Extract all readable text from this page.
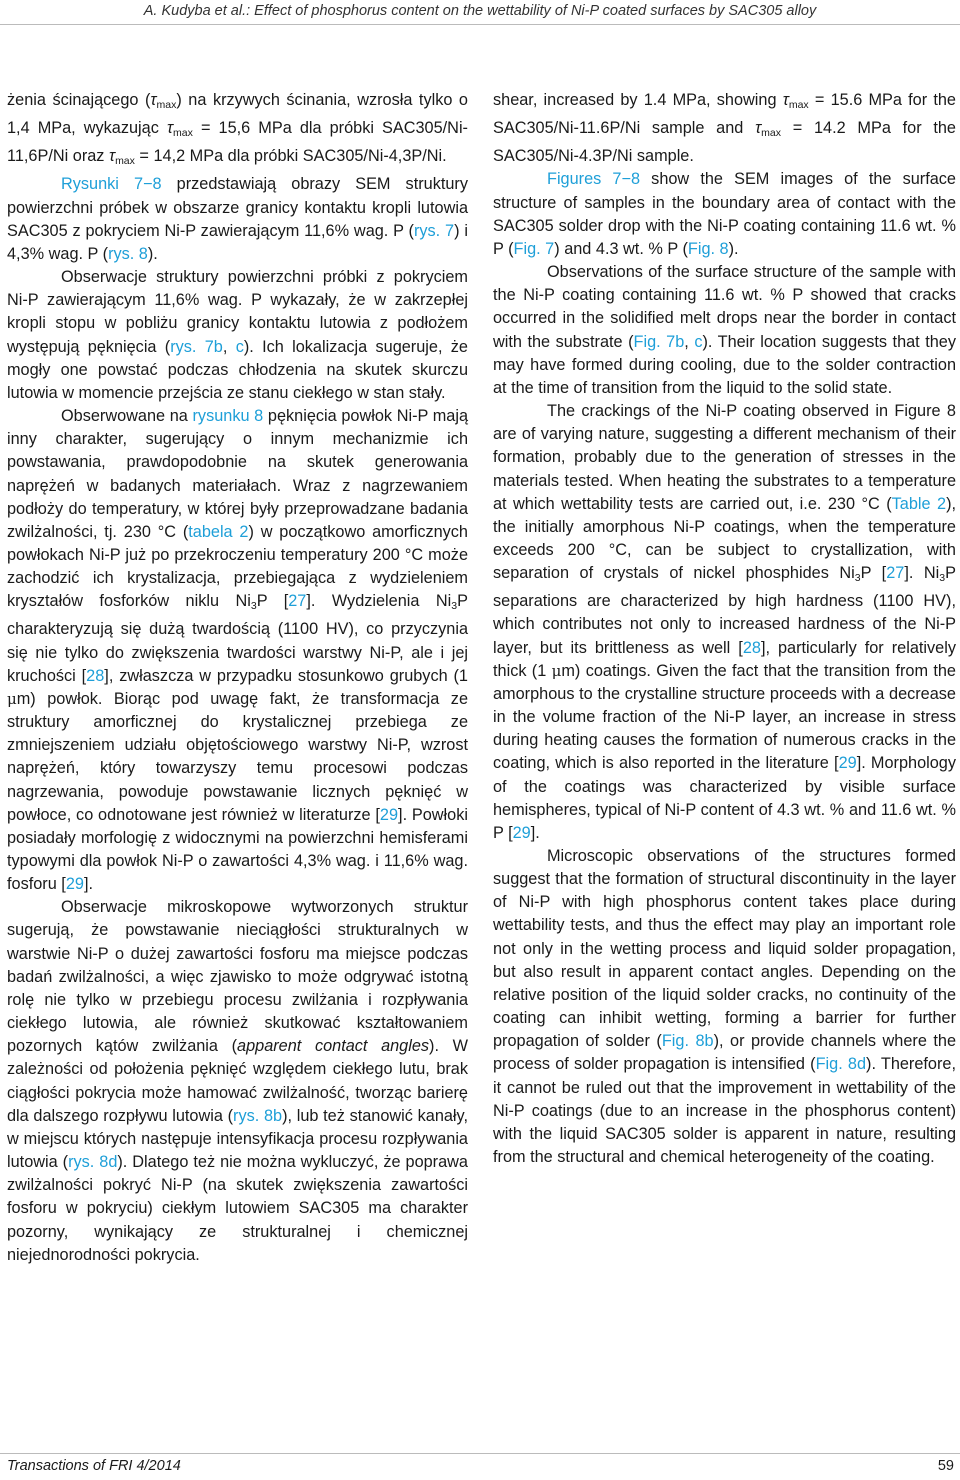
A. Kudyba et al.: Effect of phosphorus content on the wettability of Ni-P coated surfaces by SAC305 alloy

żenia ścinającego $(\tau_{max})$ na krzywych ścinania, wzrosła tylko o 1,4 MPa, wykazując $\tau_{max} = 15,6$ MPa dla próbki SAC305/Ni-11,6P/Ni oraz $\tau_{max} = 14,2$ MPa dla próbki SAC305/Ni-4,3P/Ni.

Rysunki 7−8 przedstawiają obrazy SEM struktury powierzchni próbek w obszarze granicy kontaktu kropli lutowia SAC305 z pokryciem Ni-P zawierającym 11,6% wag. P (rys. 7) i 4,3% wag. P (rys. 8).

Obserwacje struktury powierzchni próbki z pokryciem Ni-P zawierającym 11,6% wag. P wykazały, że w zakrzepłej kropli stopu w pobliżu granicy kontaktu lutowia z podłożem występują pęknięcia (rys. 7b, c). Ich lokalizacja sugeruje, że mogły one powstać podczas chłodzenia na skutek skurczu lutowia w momencie przejścia ze stanu ciekłego w stan stały.

Obserwowane na rysunku 8 pęknięcia powłok Ni-P mają inny charakter, sugerujący o innym mechanizmie ich powstawania, prawdopodobnie na skutek generowania naprężeń w badanych materiałach. Wraz z nagrzewaniem podłoży do temperatury, w której były przeprowadzane badania zwilżalności, tj. 230 °C (tabela 2) w początkowo amorficznych powłokach Ni-P już po przekroczeniu temperatury 200 °C może zachodzić ich krystalizacja, przebiegająca z wydzieleniem kryształów fosforków niklu $Ni_3P$ [27]. Wydzielenia $Ni_3P$ charakteryzują się dużą twardością (1100 HV), co przyczynia się nie tylko do zwiększenia twardości warstwy Ni-P, ale i jej kruchości [28], zwłaszcza w przypadku stosunkowo grubych (1 μm) powłok. Biorąc pod uwagę fakt, że transformacja ze struktury amorficznej do krystalicznej przebiega ze zmniejszeniem udziału objętościowego warstwy Ni-P, wzrost naprężeń, który towarzyszy temu procesowi podczas nagrzewania, powoduje powstawanie licznych pęknięć w powłoce, co odnotowane jest również w literaturze [29]. Powłoki posiadały morfologię z widocznymi na powierzchni hemisferami typowymi dla powłok Ni-P o zawartości 4,3% wag. i 11,6% wag. fosforu [29].

Obserwacje mikroskopowe wytworzonych struktur sugerują, że powstawanie nieciągłości strukturalnych w warstwie Ni-P o dużej zawartości fosforu ma miejsce podczas badań zwilżalności, a więc zjawisko to może odgrywać istotną rolę nie tylko w przebiegu procesu zwilżania i rozpływania ciekłego lutowia, ale również skutkować kształtowaniem pozornych kątów zwilżania (apparent contact angles). W zależności od położenia pęknięć względem ciekłego lutu, brak ciągłości pokrycia może hamować zwilżalność, tworząc barierę dla dalszego rozpływu lutowia (rys. 8b), lub też stanowić kanały, w miejscu których następuje intensyfikacja procesu rozpływania lutowia (rys. 8d). Dlatego też nie można wykluczyć, że poprawa zwilżalności pokryć Ni-P (na skutek zwiększenia zawartości fosforu w pokryciu) ciekłym lutowiem SAC305 ma charakter pozorny, wynikający ze strukturalnej i chemicznej niejednorodności pokrycia.

shear, increased by 1.4 MPa, showing $\tau_{max} = 15.6$ MPa for the SAC305/Ni-11.6P/Ni sample and $\tau_{max} = 14.2$ MPa for the SAC305/Ni-4.3P/Ni sample.

Figures 7−8 show the SEM images of the surface structure of samples in the boundary area of contact with the SAC305 solder drop with the Ni-P coating containing 11.6 wt. % P (Fig. 7) and 4.3 wt. % P (Fig. 8).

Observations of the surface structure of the sample with the Ni-P coating containing 11.6 wt. % P showed that cracks occurred in the solidified melt drops near the border in contact with the substrate (Fig. 7b, c). Their location suggests that they may have formed during cooling, due to the solder contraction at the time of transition from the liquid to the solid state.

The crackings of the Ni-P coating observed in Figure 8 are of varying nature, suggesting a different mechanism of their formation, probably due to the generation of stresses in the materials tested. When heating the substrates to a temperature at which wettability tests are carried out, i.e. 230 °C (Table 2), the initially amorphous Ni-P coatings, when the temperature exceeds 200 °C, can be subject to crystallization, with separation of crystals of nickel phosphides $Ni_3P$ [27]. $Ni_3P$ separations are characterized by high hardness (1100 HV), which contributes not only to increased hardness of the Ni-P layer, but its brittleness as well [28], particularly for relatively thick (1 μm) coatings. Given the fact that the transition from the amorphous to the crystalline structure proceeds with a decrease in the volume fraction of the Ni-P layer, an increase in stress during heating causes the formation of numerous cracks in the coating, which is also reported in the literature [29]. Morphology of the coatings was characterized by visible surface hemispheres, typical of Ni-P content of 4.3 wt. % and 11.6 wt. % P [29].

Microscopic observations of the structures formed suggest that the formation of structural discontinuity in the layer of Ni-P with high phosphorus content takes place during wettability tests, and thus the effect may play an important role not only in the wetting process and liquid solder propagation, but also result in apparent contact angles. Depending on the relative position of the liquid solder cracks, no continuity of the coating can inhibit wetting, forming a barrier for further propagation of solder (Fig. 8b), or provide channels where the process of solder propagation is intensified (Fig. 8d). Therefore, it cannot be ruled out that the improvement in wettability of the Ni-P coatings (due to an increase in the phosphorus content) with the liquid SAC305 solder is apparent in nature, resulting from the structural and chemical heterogeneity of the coating.

Transactions of FRI 4/2014	59
